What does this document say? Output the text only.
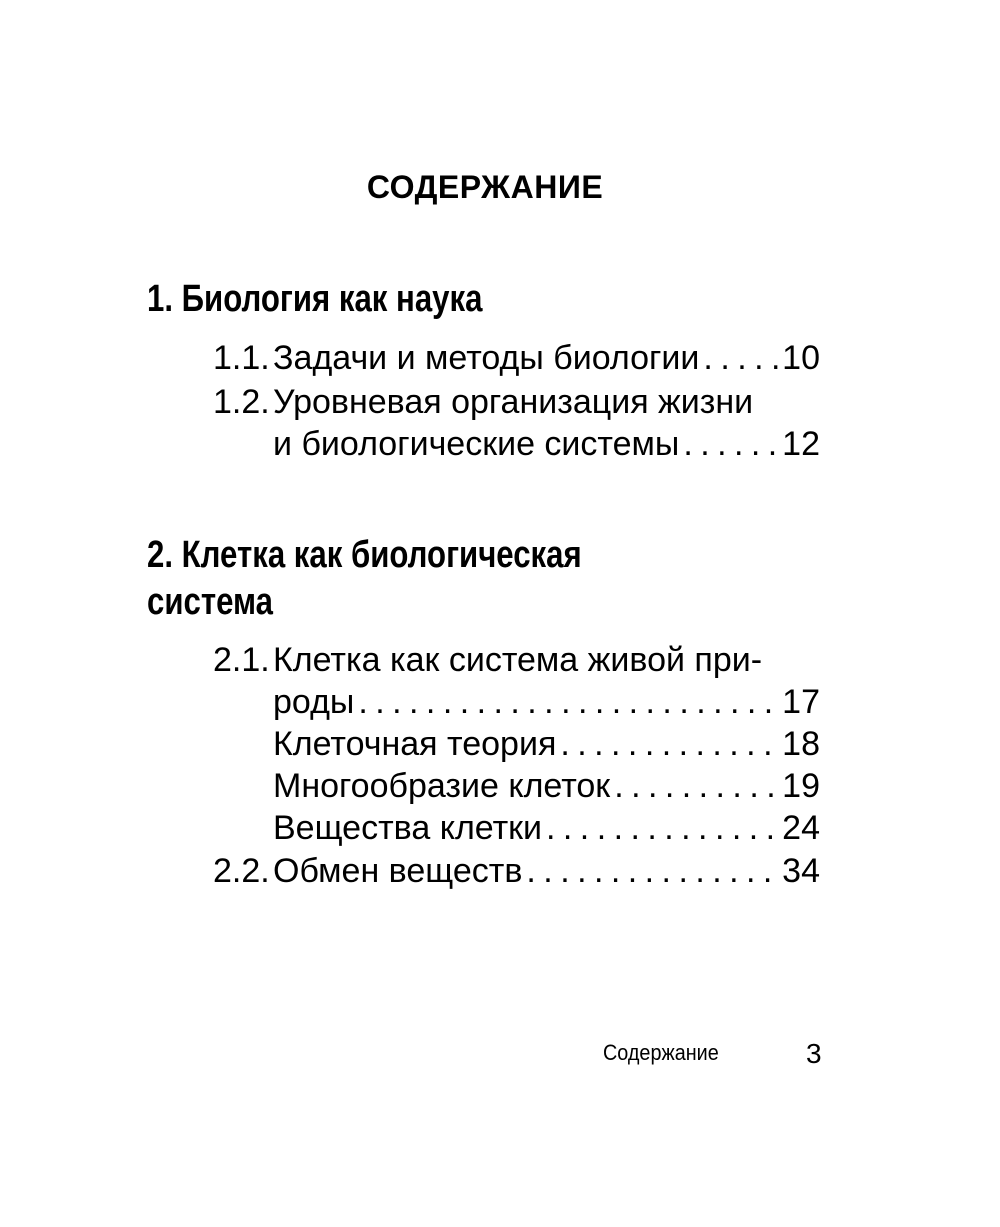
СОДЕРЖАНИЕ
1. Биология как наука
1.1. Задачи и методы биологии . . . 10
1.2. Уровневая организация жизни
и биологические системы . . .	12
2. Клетка как биологическая
система
2.1. Клетка как система живой при-
роды . . .	17
Клеточная теория . . .	18
Многообразие клеток . . .	19
Вещества клетки . . .	24
2.2. Обмен веществ . . .	34
Содержание	3
